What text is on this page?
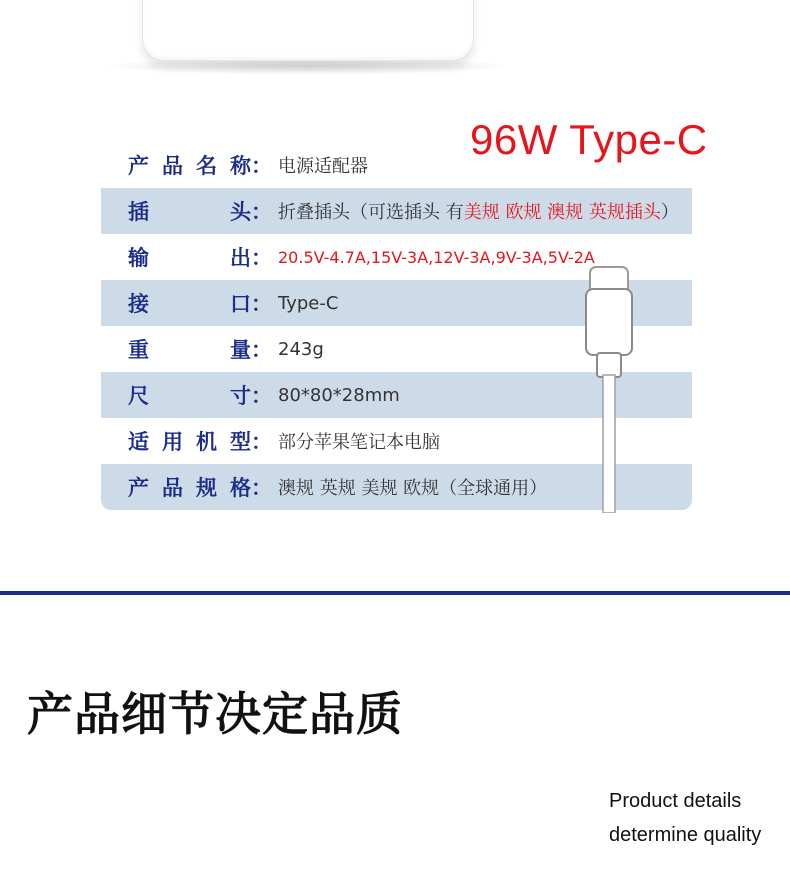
96W Type-C
产 品 名 称 ： 电源适配器
插	头 ： 折叠插头（可选插头 有美规 欧规 澳规 英规插头）
输	出 ： 20.5V-4.7A,15V-3A,12V-3A,9V-3A,5V-2A
接	口 ： Type-C
重	量 ： 243g
尺	寸 ： 80*80*28mm
适 用 机 型 ： 部分苹果笔记本电脑
产 品 规 格 ： 澳规 英规 美规 欧规（全球通用）
产品细节决定品质
Product details
determine quality
